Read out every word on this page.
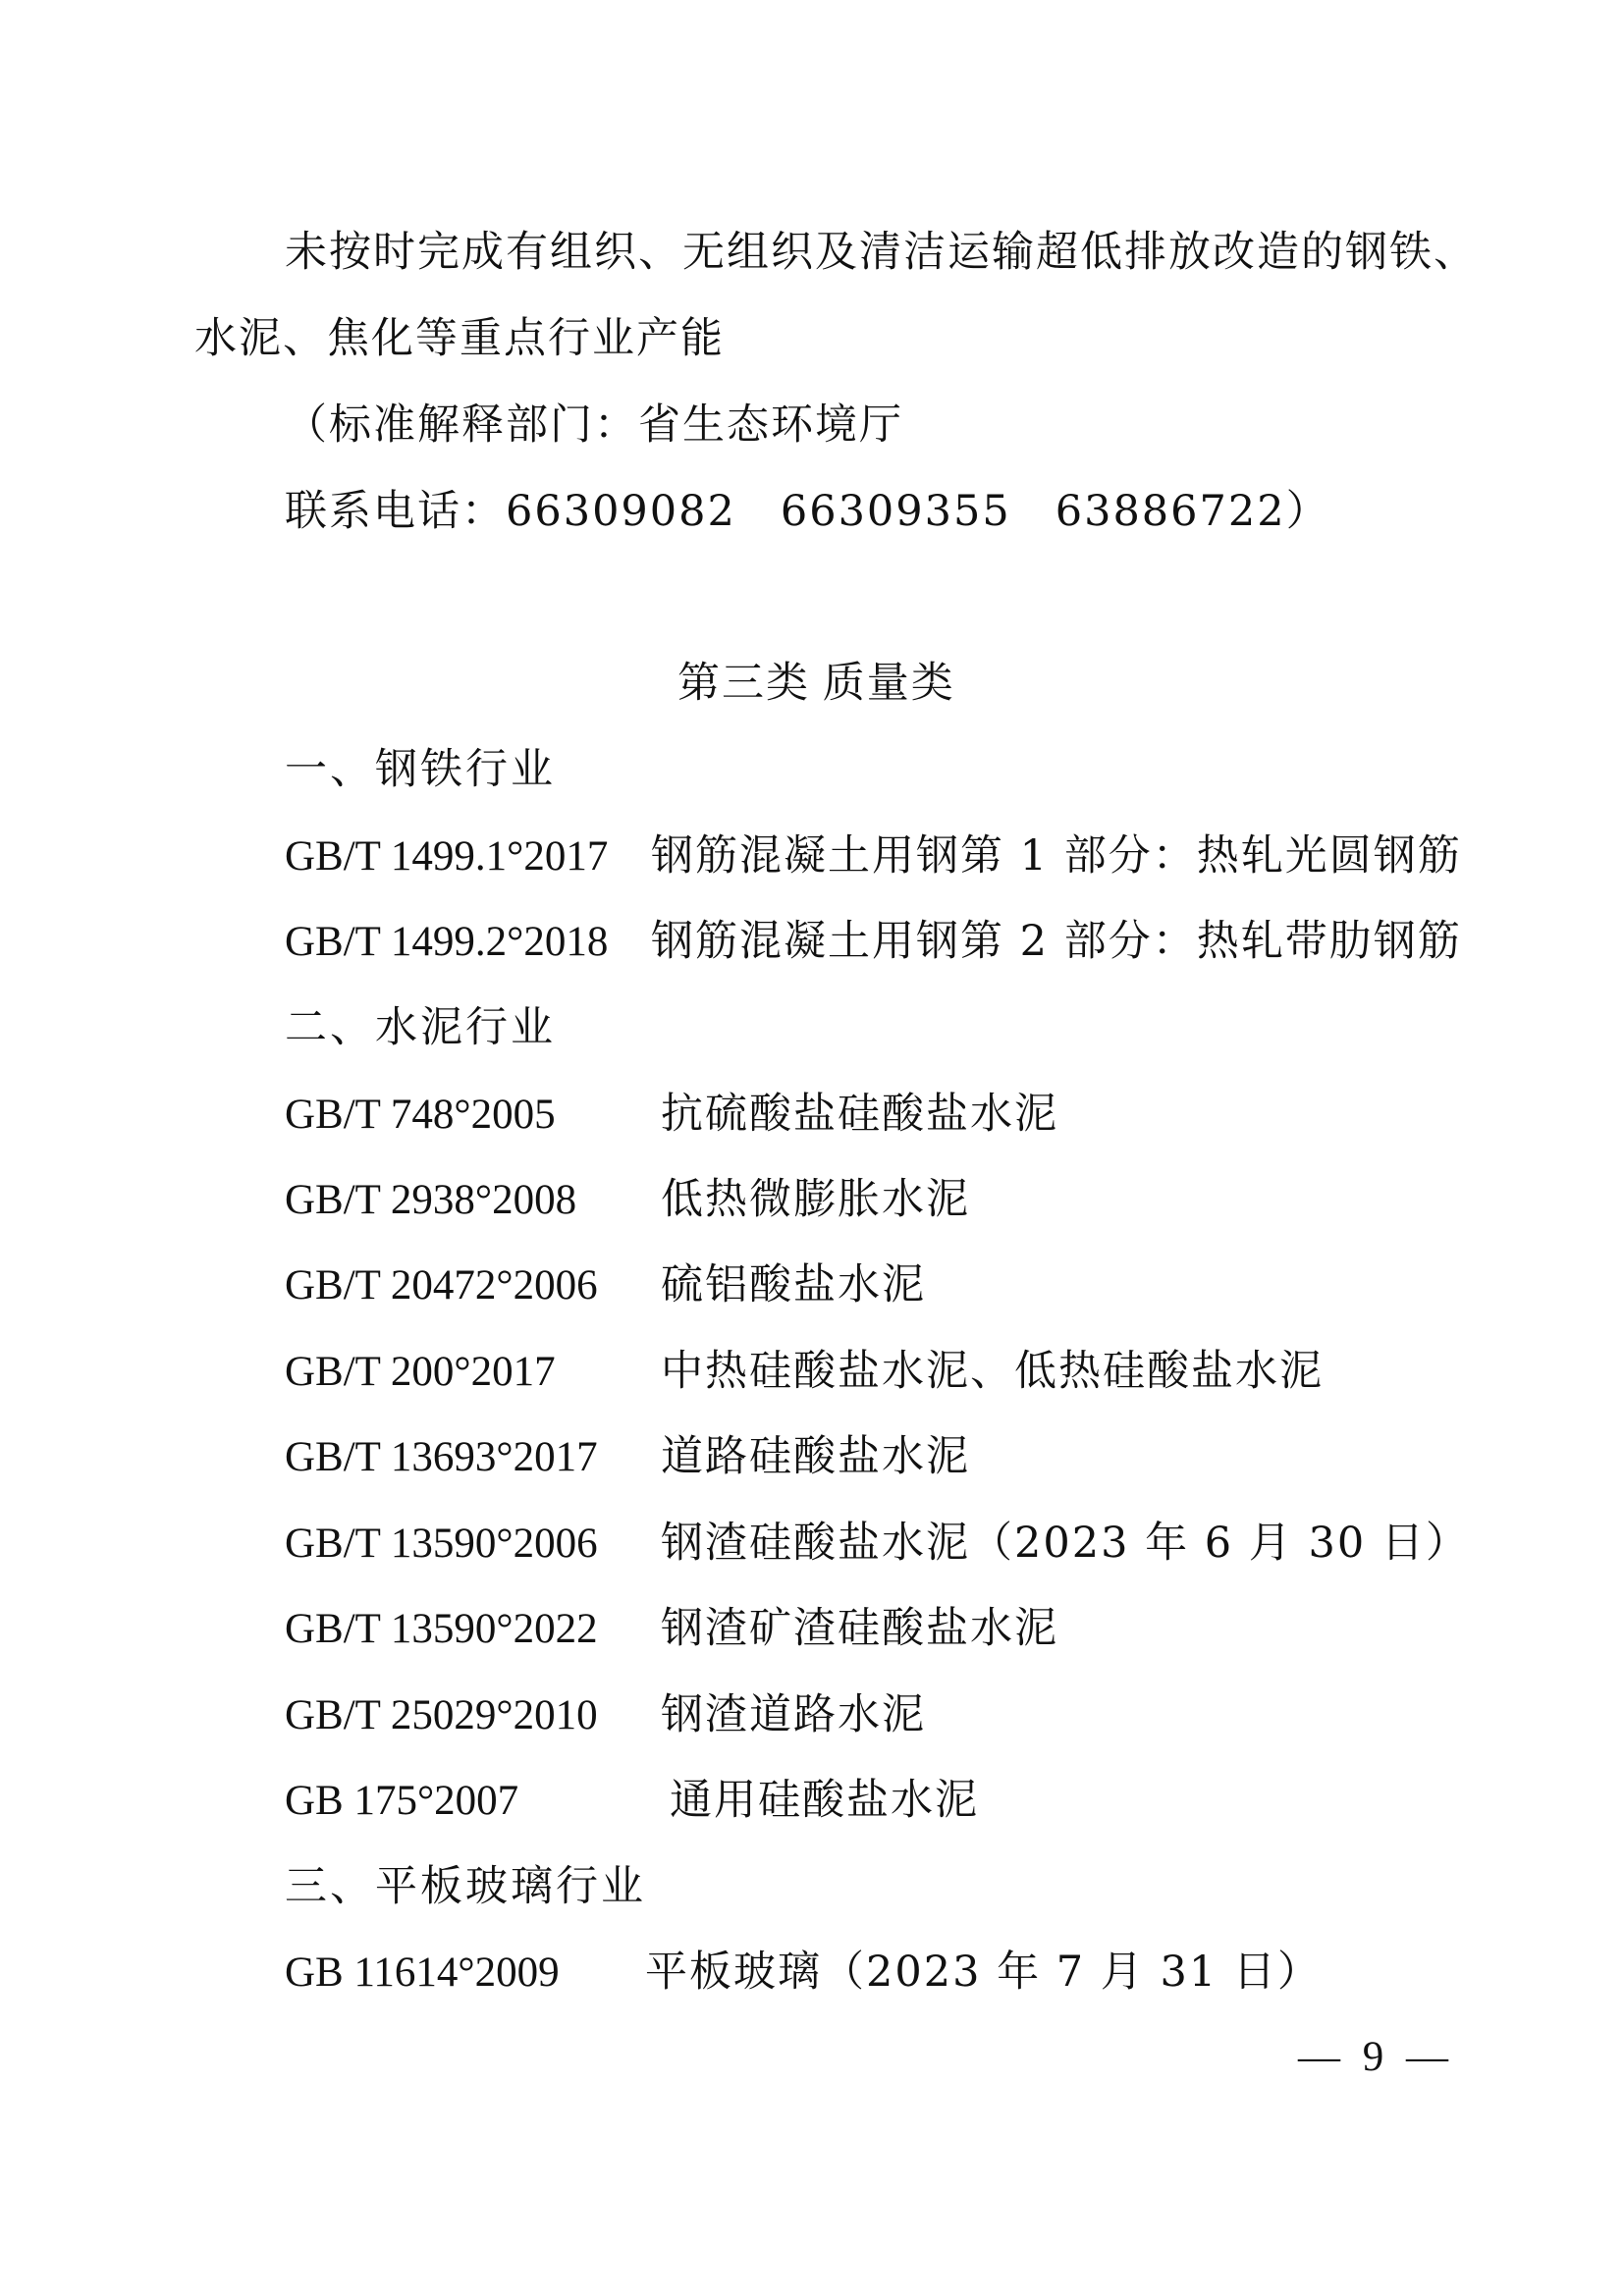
未按时完成有组织、无组织及清洁运输超低排放改造的钢铁、
水泥、焦化等重点行业产能
（标准解释部门：省生态环境厅
联系电话：66309082　66309355　63886722）
第三类 质量类
一、钢铁行业
GB/T 1499.1°2017 钢筋混凝土用钢第 1 部分：热轧光圆钢筋
GB/T 1499.2°2018 钢筋混凝土用钢第 2 部分：热轧带肋钢筋
二、水泥行业
GB/T 748°2005 抗硫酸盐硅酸盐水泥
GB/T 2938°2008 低热微膨胀水泥
GB/T 20472°2006 硫铝酸盐水泥
GB/T 200°2017 中热硅酸盐水泥、低热硅酸盐水泥
GB/T 13693°2017 道路硅酸盐水泥
GB/T 13590°2006 钢渣硅酸盐水泥（2023 年 6 月 30 日）
GB/T 13590°2022 钢渣矿渣硅酸盐水泥
GB/T 25029°2010 钢渣道路水泥
GB 175°2007	通用硅酸盐水泥
三、平板玻璃行业
GB 11614°2009 平板玻璃（2023 年 7 月 31 日）
— 9 —
